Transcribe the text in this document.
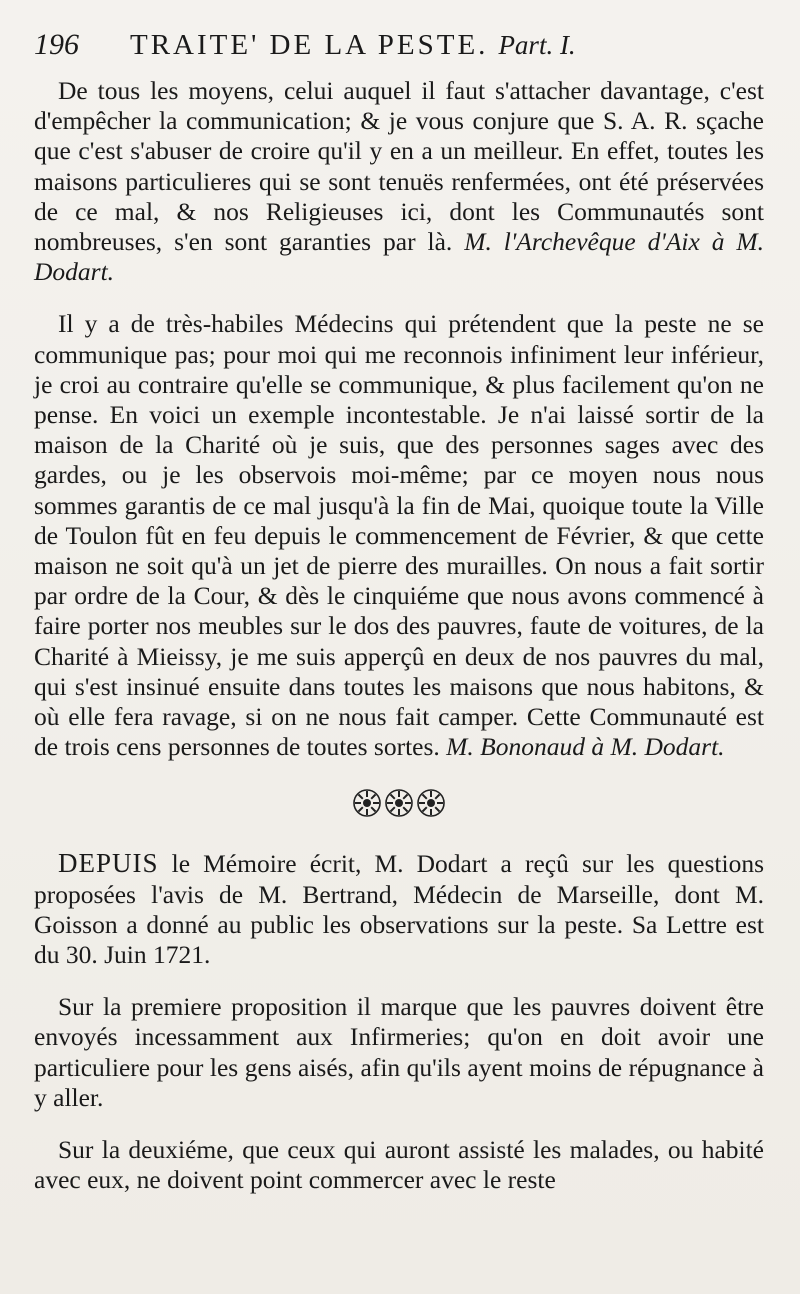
196	TRAITE' DE LA PESTE. Part. I.

De tous les moyens, celui auquel il faut s'attacher davantage, c'est d'empêcher la communication; & je vous conjure que S. A. R. sçache que c'est s'abuser de croire qu'il y en a un meilleur. En effet, toutes les maisons particulieres qui se sont tenuës renfermées, ont été préservées de ce mal, & nos Religieuses ici, dont les Communautés sont nombreuses, s'en sont garanties par là. M. l'Archevêque d'Aix à M. Dodart.

Il y a de très-habiles Médecins qui prétendent que la peste ne se communique pas; pour moi qui me reconnois infiniment leur inférieur, je croi au contraire qu'elle se communique, & plus facilement qu'on ne pense. En voici un exemple incontestable. Je n'ai laissé sortir de la maison de la Charité où je suis, que des personnes sages avec des gardes, ou je les observois moi-même; par ce moyen nous nous sommes garantis de ce mal jusqu'à la fin de Mai, quoique toute la Ville de Toulon fût en feu depuis le commencement de Février, & que cette maison ne soit qu'à un jet de pierre des murailles. On nous a fait sortir par ordre de la Cour, & dès le cinquiéme que nous avons commencé à faire porter nos meubles sur le dos des pauvres, faute de voitures, de la Charité à Mieissy, je me suis apperçû en deux de nos pauvres du mal, qui s'est insinué ensuite dans toutes les maisons que nous habitons, & où elle fera ravage, si on ne nous fait camper. Cette Communauté est de trois cens personnes de toutes sortes. M. Bononaud à M. Dodart.

DEPUIS le Mémoire écrit, M. Dodart a reçû sur les questions proposées l'avis de M. Bertrand, Médecin de Marseille, dont M. Goisson a donné au public les observations sur la peste. Sa Lettre est du 30. Juin 1721.

Sur la premiere proposition il marque que les pauvres doivent être envoyés incessamment aux Infirmeries; qu'on en doit avoir une particuliere pour les gens aisés, afin qu'ils ayent moins de répugnance à y aller.

Sur la deuxiéme, que ceux qui auront assisté les malades, ou habité avec eux, ne doivent point commercer avec le reste
